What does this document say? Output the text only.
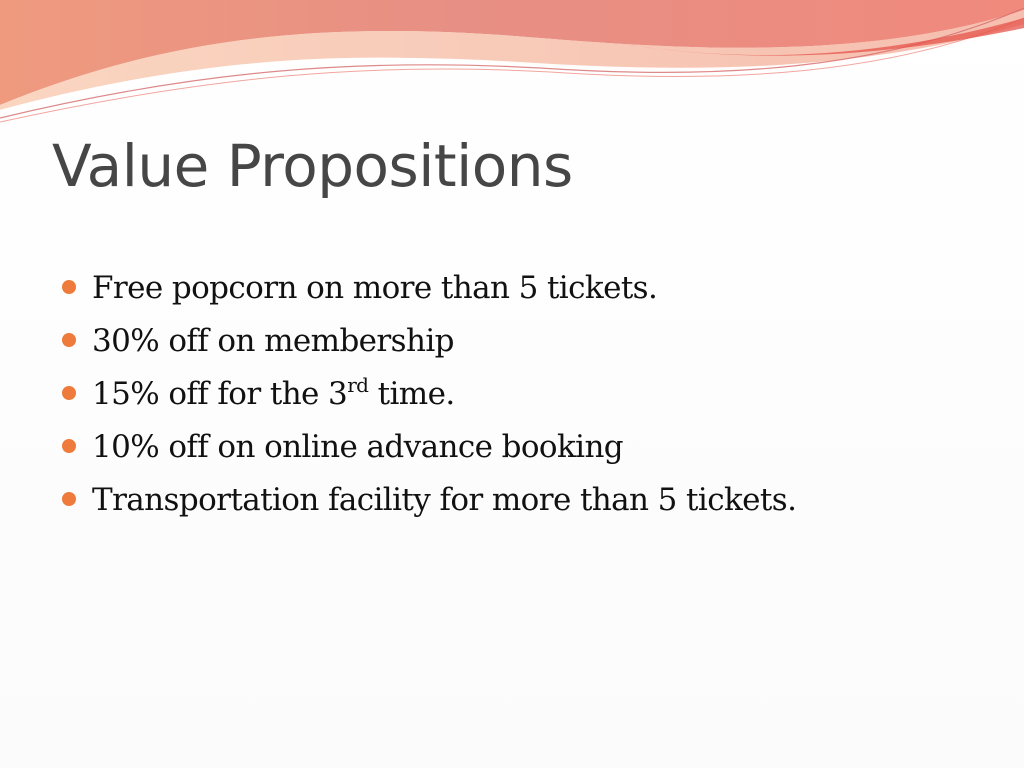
Value Propositions
Free popcorn on more than 5 tickets.
30% off on membership
15% off for the 3rd time.
10% off on online advance booking
Transportation facility for more than 5 tickets.
